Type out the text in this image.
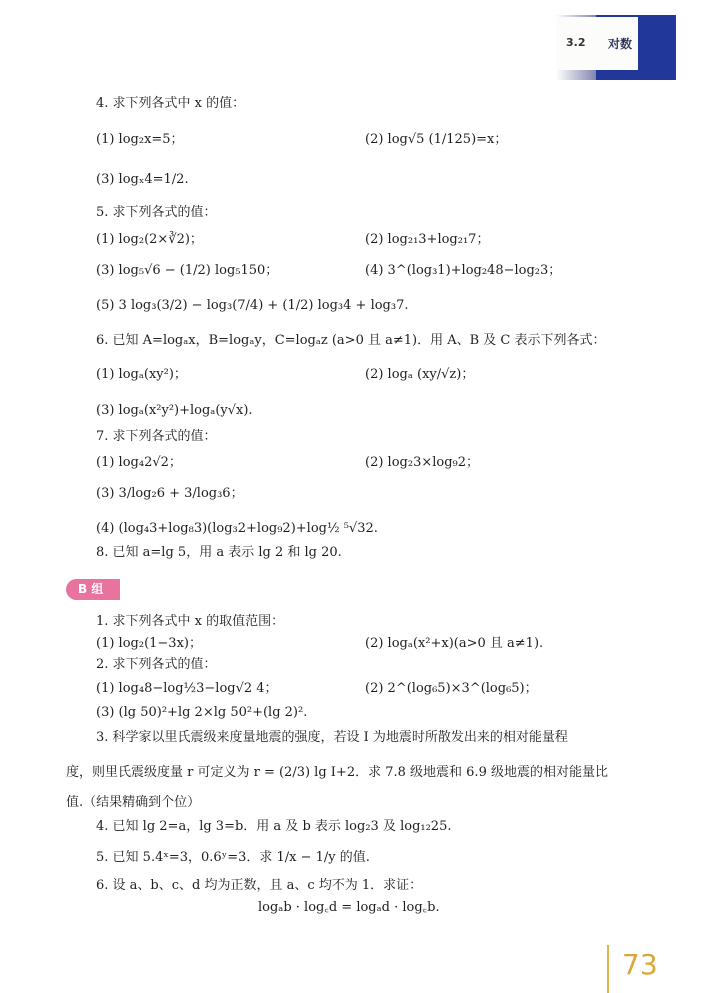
3.2 对数
4. 求下列各式中 x 的值：
(1) log₂x=5；	(2) log√5 (1/125)=x；
(3) logₓ4=1/2.
5. 求下列各式的值：
(1) log₂(2×∛2)；	(2) log₂₁3+log₂₁7；
(3) log₅√6 − (1/2) log₅150；	(4) 3^(log₃1)+log₂48−log₂3；
(5) 3 log₃(3/2) − log₃(7/4) + (1/2) log₃4 + log₃7.
6. 已知 A=logₐx，B=logₐy，C=logₐz (a>0 且 a≠1)．用 A、B 及 C 表示下列各式：
(1) logₐ(xy²)；	(2) logₐ (xy/√z)；
(3) logₐ(x²y²)+logₐ(y√x).
7. 求下列各式的值：
(1) log₄2√2；	(2) log₂3×log₉2；
(3) 3/log₂6 + 3/log₃6；
(4) (log₄3+log₈3)(log₃2+log₉2)+log½ ⁵√32.
8. 已知 a=lg 5，用 a 表示 lg 2 和 lg 20.
B 组
1. 求下列各式中 x 的取值范围：
(1) log₂(1−3x)；	(2) logₐ(x²+x)(a>0 且 a≠1).
2. 求下列各式的值：
(1) log₄8−log½3−log√2 4；	(2) 2^(log₆5)×3^(log₆5)；
(3) (lg 50)²+lg 2×lg 50²+(lg 2)².
3. 科学家以里氏震级来度量地震的强度，若设 I 为地震时所散发出来的相对能量程
度，则里氏震级度量 r 可定义为 r = (2/3) lg I+2．求 7.8 级地震和 6.9 级地震的相对能量比
值.（结果精确到个位）
4. 已知 lg 2=a，lg 3=b．用 a 及 b 表示 log₂3 及 log₁₂25.
5. 已知 5.4ˣ=3，0.6ʸ=3．求 1/x − 1/y 的值.
6. 设 a、b、c、d 均为正数，且 a、c 均不为 1．求证：
logₐb · log꜀d = logₐd · log꜀b.
73
